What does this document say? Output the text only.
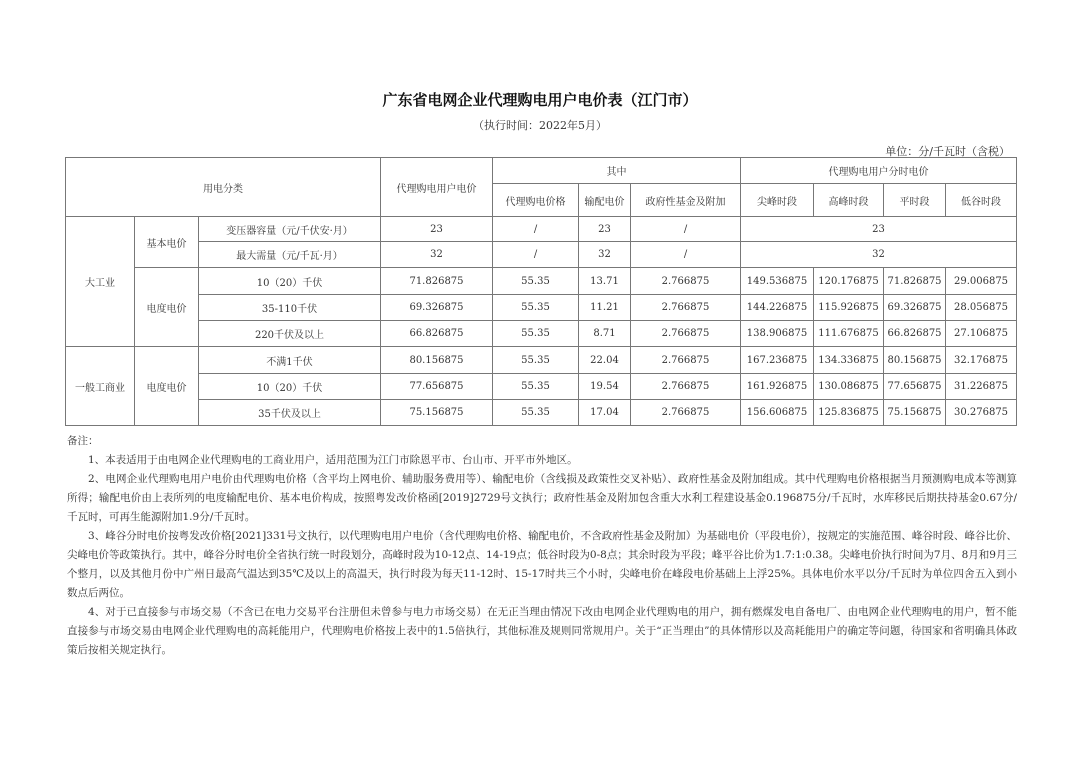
广东省电网企业代理购电用户电价表（江门市）
（执行时间：2022年5月）
单位：分/千瓦时（含税）
用电分类			代理购电用户电价	其中			代理购电用户分时电价			
				代理购电价格	输配电价	政府性基金及附加	尖峰时段	高峰时段	平时段	低谷时段
大工业	基本电价	变压器容量（元/千伏安·月）	23	/	23	/	23			
		最大需量（元/千瓦·月）	32	/	32	/	32			
	电度电价	10（20）千伏	71.826875	55.35	13.71	2.766875	149.536875	120.176875	71.826875	29.006875
		35-110千伏	69.326875	55.35	11.21	2.766875	144.226875	115.926875	69.326875	28.056875
		220千伏及以上	66.826875	55.35	8.71	2.766875	138.906875	111.676875	66.826875	27.106875
一般工商业	电度电价	不满1千伏	80.156875	55.35	22.04	2.766875	167.236875	134.336875	80.156875	32.176875
		10（20）千伏	77.656875	55.35	19.54	2.766875	161.926875	130.086875	77.656875	31.226875
		35千伏及以上	75.156875	55.35	17.04	2.766875	156.606875	125.836875	75.156875	30.276875

备注：

1、本表适用于由电网企业代理购电的工商业用户，适用范围为江门市除恩平市、台山市、开平市外地区。

2、电网企业代理购电用户电价由代理购电价格（含平均上网电价、辅助服务费用等）、输配电价（含线损及政策性交叉补贴）、政府性基金及附加组成。其中代理购电价格根据当月预测购电成本等测算所得；输配电价由上表所列的电度输配电价、基本电价构成，按照粤发改价格函[2019]2729号文执行；政府性基金及附加包含重大水利工程建设基金0.196875分/千瓦时，水库移民后期扶持基金0.67分/千瓦时，可再生能源附加1.9分/千瓦时。

3、峰谷分时电价按粤发改价格[2021]331号文执行，以代理购电用户电价（含代理购电价格、输配电价，不含政府性基金及附加）为基础电价（平段电价），按规定的实施范围、峰谷时段、峰谷比价、尖峰电价等政策执行。其中，峰谷分时电价全省执行统一时段划分，高峰时段为10-12点、14-19点；低谷时段为0-8点；其余时段为平段；峰平谷比价为1.7:1:0.38。尖峰电价执行时间为7月、8月和9月三个整月，以及其他月份中广州日最高气温达到35℃及以上的高温天，执行时段为每天11-12时、15-17时共三个小时，尖峰电价在峰段电价基础上上浮25%。具体电价水平以分/千瓦时为单位四舍五入到小数点后两位。

4、对于已直接参与市场交易（不含已在电力交易平台注册但未曾参与电力市场交易）在无正当理由情况下改由电网企业代理购电的用户，拥有燃煤发电自备电厂、由电网企业代理购电的用户，暂不能直接参与市场交易由电网企业代理购电的高耗能用户，代理购电价格按上表中的1.5倍执行，其他标准及规则同常规用户。关于“正当理由”的具体情形以及高耗能用户的确定等问题，待国家和省明确具体政策后按相关规定执行。
